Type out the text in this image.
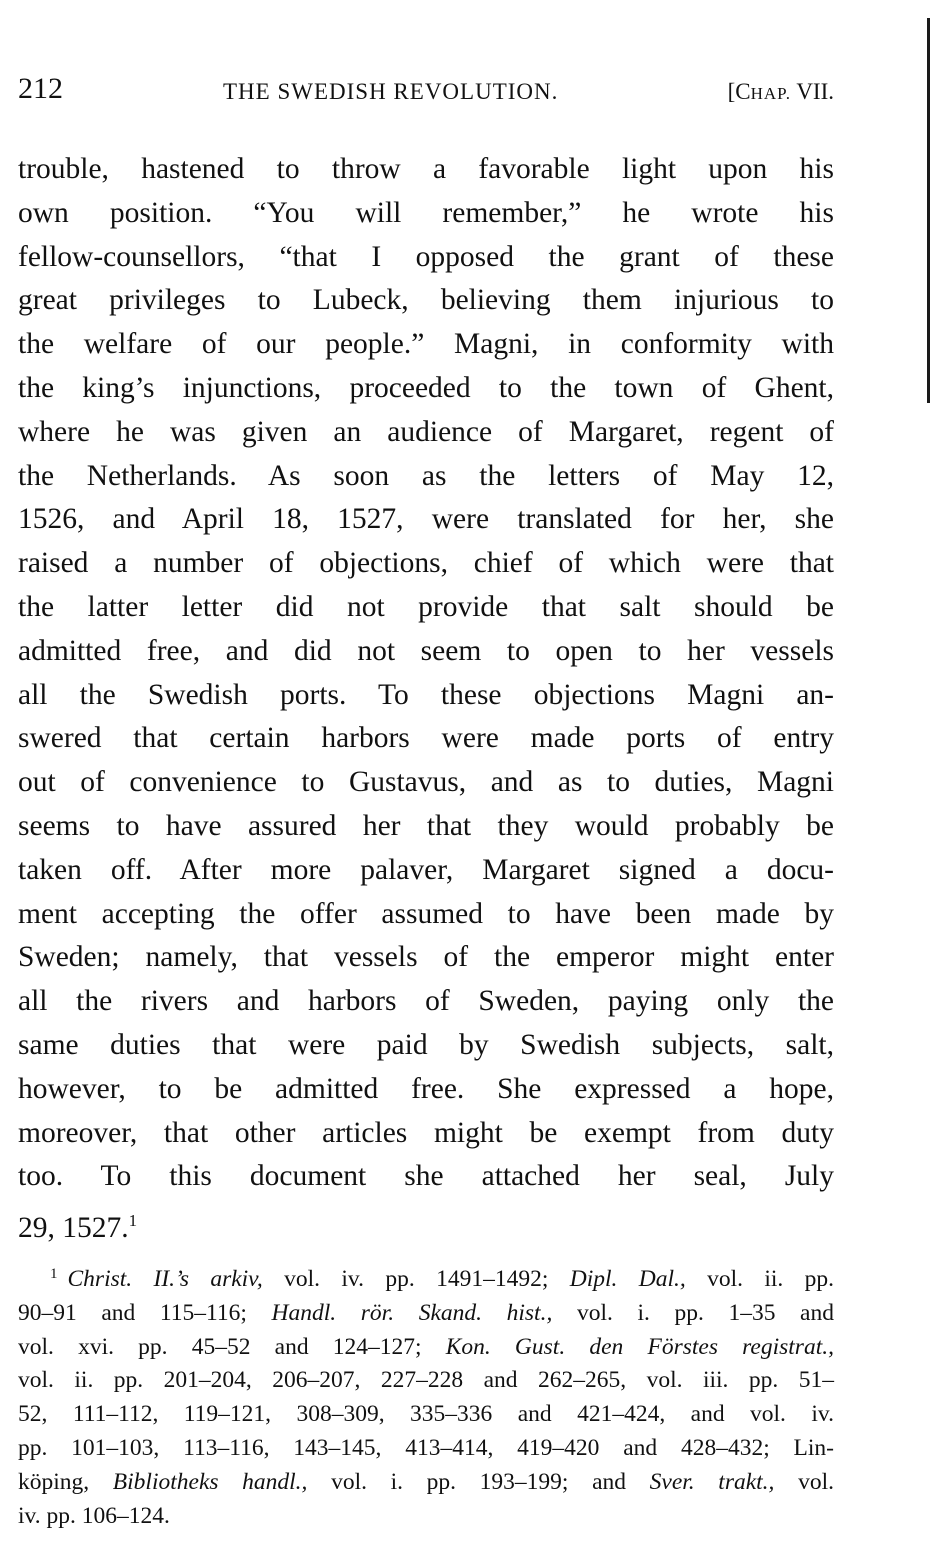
212	THE SWEDISH REVOLUTION.	[CHAP. VII.
trouble, hastened to throw a favorable light upon his
own position. “You will remember,” he wrote his
fellow-counsellors, “that I opposed the grant of these
great privileges to Lubeck, believing them injurious to
the welfare of our people.” Magni, in conformity with
the king’s injunctions, proceeded to the town of Ghent,
where he was given an audience of Margaret, regent of
the Netherlands. As soon as the letters of May 12,
1526, and April 18, 1527, were translated for her, she
raised a number of objections, chief of which were that
the latter letter did not provide that salt should be
admitted free, and did not seem to open to her vessels
all the Swedish ports. To these objections Magni an-
swered that certain harbors were made ports of entry
out of convenience to Gustavus, and as to duties, Magni
seems to have assured her that they would probably be
taken off. After more palaver, Margaret signed a docu-
ment accepting the offer assumed to have been made by
Sweden; namely, that vessels of the emperor might enter
all the rivers and harbors of Sweden, paying only the
same duties that were paid by Swedish subjects, salt,
however, to be admitted free. She expressed a hope,
moreover, that other articles might be exempt from duty
too. To this document she attached her seal, July
29, 1527.$^1$
$^1$ Christ. II.’s arkiv, vol. iv. pp. 1491–1492; Dipl. Dal., vol. ii. pp.
90–91 and 115–116; Handl. rör. Skand. hist., vol. i. pp. 1–35 and
vol. xvi. pp. 45–52 and 124–127; Kon. Gust. den Förstes registrat.,
vol. ii. pp. 201–204, 206–207, 227–228 and 262–265, vol. iii. pp. 51–
52, 111–112, 119–121, 308–309, 335–336 and 421–424, and vol. iv.
pp. 101–103, 113–116, 143–145, 413–414, 419–420 and 428–432; Lin-
köping, Bibliotheks handl., vol. i. pp. 193–199; and Sver. trakt., vol.
iv. pp. 106–124.
